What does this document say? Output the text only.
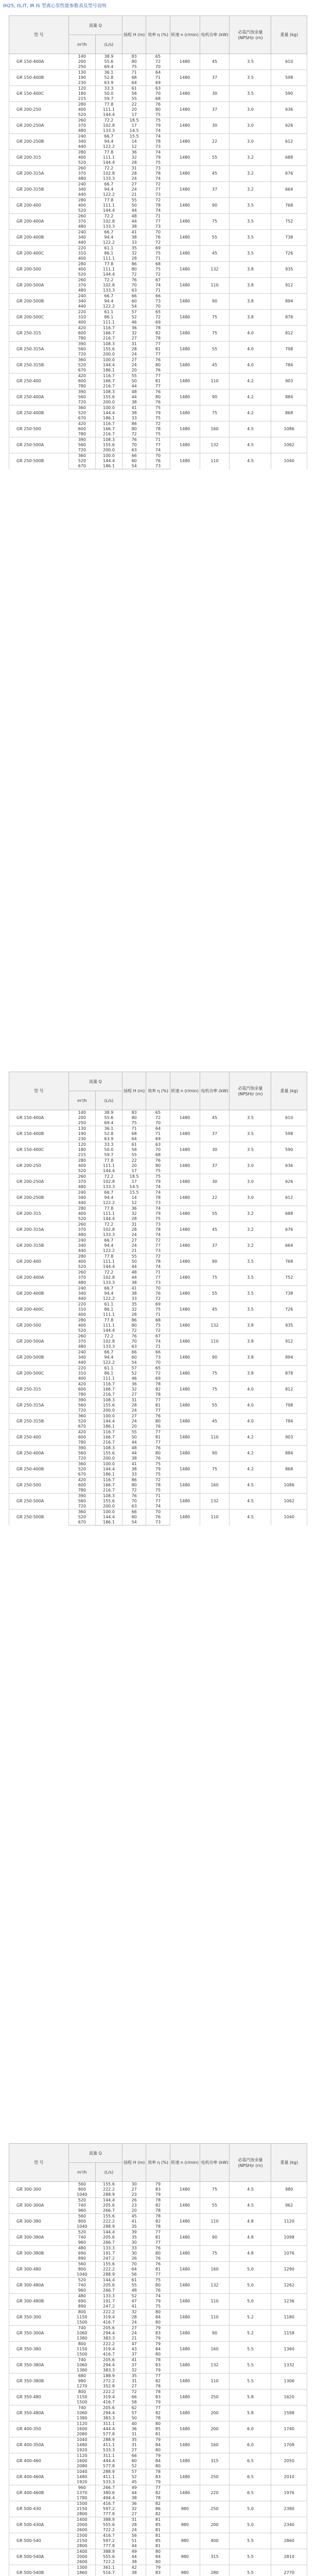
IH25, IS,IT, IR IS 型离心泵性能参数表及型号说明
型 号	流量 Q		扬程 H (m)	效率 η (%)	转速 n (r/min)	电机功率 (kW)	必需汽蚀余量 (NPSH)r (m)	重量 (kg)
	m³/h	(L/s)						
GR 150-400A	140	38.9	83	65	1480	45	3.5	610
	200	55.6	80	72				
	250	69.4	75	70				
GR 150-400B	130	36.1	71	64	1480	37	3.5	598
	190	52.8	68	71				
	230	63.9	64	69				
GR 150-400C	120	33.3	61	63	1480	30	3.5	590
	180	50.0	58	70				
	215	59.7	55	68				
GR 200-250	280	77.8	22	76	1480	37	3.0	636
	400	111.1	20	80				
	520	144.4	17	75				
GR 200-250A	260	72.2	18.5	75	1480	30	3.0	626
	370	102.8	17	79				
	480	133.3	14.5	74				
GR 200-250B	240	66.7	15.5	74	1480	22	3.0	612
	340	94.4	14	78				
	440	122.2	12	73				
GR 200-315	280	77.8	36	74	1480	55	3.2	688
	400	111.1	32	79				
	520	144.4	28	75				
GR 200-315A	260	72.2	31	73	1480	45	3.2	676
	370	102.8	28	78				
	480	133.3	24	74				
GR 200-315B	240	66.7	27	72	1480	37	3.2	664
	340	94.4	24	77				
	440	122.2	21	73				
GR 200-400	280	77.8	55	72	1480	90	3.5	768
	400	111.1	50	78				
	520	144.4	44	74				
GR 200-400A	260	72.2	48	71	1480	75	3.5	752
	370	102.8	44	77				
	480	133.3	38	73				
GR 200-400B	240	66.7	41	70	1480	55	3.5	738
	340	94.4	38	76				
	440	122.2	33	72				
GR 200-400C	220	61.1	35	69	1480	45	3.5	726
	310	86.1	32	75				
	400	111.1	28	71				
GR 200-500	280	77.8	86	68	1480	132	3.8	935
	400	111.1	80	75				
	520	144.4	72	72				
GR 200-500A	260	72.2	76	67	1480	110	3.8	912
	370	102.8	70	74				
	480	133.3	63	71				
GR 200-500B	240	66.7	66	66	1480	90	3.8	894
	340	94.4	60	73				
	440	122.2	54	70				
GR 200-500C	220	61.1	57	65	1480	75	3.8	878
	310	86.1	52	72				
	400	111.1	46	69				
GR 250-315	420	116.7	36	78	1480	75	4.0	812
	600	166.7	32	82				
	780	216.7	27	78				
GR 250-315A	390	108.3	31	77	1480	55	4.0	798
	560	155.6	28	81				
	720	200.0	24	77				
GR 250-315B	360	100.0	27	76	1480	45	4.0	784
	520	144.4	24	80				
	670	186.1	20	76				
GR 250-400	420	116.7	55	77	1480	110	4.2	903
	600	166.7	50	81				
	780	216.7	44	77				
GR 250-400A	390	108.3	48	76	1480	90	4.2	884
	560	155.6	44	80				
	720	200.0	38	76				
GR 250-400B	360	100.0	41	75	1480	75	4.2	868
	520	144.4	38	79				
	670	186.1	33	75				
GR 250-500	420	116.7	86	72	1480	160	4.5	1086
	600	166.7	80	78				
	780	216.7	72	75				
GR 250-500A	390	108.3	76	71	1480	132	4.5	1062
	560	155.6	70	77				
	720	200.0	63	74				
GR 250-500B	360	100.0	66	70	1480	110	4.5	1040
	520	144.4	60	76				
	670	186.1	54	73				
型 号	流量 Q		扬程 H (m)	效率 η (%)	转速 n (r/min)	电机功率 (kW)	必需汽蚀余量 (NPSH)r (m)	重量 (kg)
	m³/h	(L/s)						
GR 150-400A	140	38.9	83	65	1480	45	3.5	610
	200	55.6	80	72				
	250	69.4	75	70				
GR 150-400B	130	36.1	71	64	1480	37	3.5	598
	190	52.8	68	71				
	230	63.9	64	69				
GR 150-400C	120	33.3	61	63	1480	30	3.5	590
	180	50.0	58	70				
	215	59.7	55	68				
GR 200-250	280	77.8	22	76	1480	37	3.0	636
	400	111.1	20	80				
	520	144.4	17	75				
GR 200-250A	260	72.2	18.5	75	1480	30	3.0	626
	370	102.8	17	79				
	480	133.3	14.5	74				
GR 200-250B	240	66.7	15.5	74	1480	22	3.0	612
	340	94.4	14	78				
	440	122.2	12	73				
GR 200-315	280	77.8	36	74	1480	55	3.2	688
	400	111.1	32	79				
	520	144.4	28	75				
GR 200-315A	260	72.2	31	73	1480	45	3.2	676
	370	102.8	28	78				
	480	133.3	24	74				
GR 200-315B	240	66.7	27	72	1480	37	3.2	664
	340	94.4	24	77				
	440	122.2	21	73				
GR 200-400	280	77.8	55	72	1480	90	3.5	768
	400	111.1	50	78				
	520	144.4	44	74				
GR 200-400A	260	72.2	48	71	1480	75	3.5	752
	370	102.8	44	77				
	480	133.3	38	73				
GR 200-400B	240	66.7	41	70	1480	55	3.5	738
	340	94.4	38	76				
	440	122.2	33	72				
GR 200-400C	220	61.1	35	69	1480	45	3.5	726
	310	86.1	32	75				
	400	111.1	28	71				
GR 200-500	280	77.8	86	68	1480	132	3.8	935
	400	111.1	80	75				
	520	144.4	72	72				
GR 200-500A	260	72.2	76	67	1480	110	3.8	912
	370	102.8	70	74				
	480	133.3	63	71				
GR 200-500B	240	66.7	66	66	1480	90	3.8	894
	340	94.4	60	73				
	440	122.2	54	70				
GR 200-500C	220	61.1	57	65	1480	75	3.8	878
	310	86.1	52	72				
	400	111.1	46	69				
GR 250-315	420	116.7	36	78	1480	75	4.0	812
	600	166.7	32	82				
	780	216.7	27	78				
GR 250-315A	390	108.3	31	77	1480	55	4.0	798
	560	155.6	28	81				
	720	200.0	24	77				
GR 250-315B	360	100.0	27	76	1480	45	4.0	784
	520	144.4	24	80				
	670	186.1	20	76				
GR 250-400	420	116.7	55	77	1480	110	4.2	903
	600	166.7	50	81				
	780	216.7	44	77				
GR 250-400A	390	108.3	48	76	1480	90	4.2	884
	560	155.6	44	80				
	720	200.0	38	76				
GR 250-400B	360	100.0	41	75	1480	75	4.2	868
	520	144.4	38	79				
	670	186.1	33	75				
GR 250-500	420	116.7	86	72	1480	160	4.5	1086
	600	166.7	80	78				
	780	216.7	72	75				
GR 250-500A	390	108.3	76	71	1480	132	4.5	1062
	560	155.6	70	77				
	720	200.0	63	74				
GR 250-500B	360	100.0	66	70	1480	110	4.5	1040
	520	144.4	60	76				
	670	186.1	54	73				
型 号	流量 Q		扬程 H (m)	效率 η (%)	转速 n (r/min)	电机功率 (kW)	必需汽蚀余量 (NPSH)r (m)	重量 (kg)
	m³/h	(L/s)						
GR 300-300	560	155.6	30	79	1480	75	4.5	980
	800	222.2	27	83				
	1040	288.9	23	79				
GR 300-300A	520	144.4	26	78	1480	55	4.5	962
	740	205.6	23	82				
	960	266.7	20	78				
GR 300-380	560	155.6	45	78	1480	110	4.8	1120
	800	222.2	41	82				
	1040	288.9	35	78				
GR 300-380A	520	144.4	39	77	1480	90	4.8	1098
	740	205.6	35	81				
	960	266.7	30	77				
GR 300-380B	480	133.3	33	76	1480	75	4.8	1076
	690	191.7	30	80				
	890	247.2	26	76				
GR 300-480	560	155.6	70	76	1480	160	5.0	1290
	800	222.2	64	81				
	1040	288.9	56	77				
GR 300-480A	520	144.4	61	75	1480	132	5.0	1262
	740	205.6	55	80				
	960	266.7	48	76				
GR 300-480B	480	133.3	52	74	1480	110	5.0	1236
	690	191.7	47	79				
	890	247.2	41	75				
GR 350-300	800	222.2	32	80	1480	110	5.2	1180
	1150	319.4	28	84				
	1500	416.7	24	80				
GR 350-300A	740	205.6	27	79	1480	90	5.2	1158
	1060	294.4	24	83				
	1380	383.3	21	79				
GR 350-380	800	222.2	47	79	1480	160	5.5	1360
	1150	319.4	43	84				
	1500	416.7	37	80				
GR 350-380A	740	205.6	41	78	1480	132	5.5	1332
	1060	294.4	37	83				
	1380	383.3	32	79				
GR 350-380B	680	188.9	35	77	1480	110	5.5	1306
	980	272.2	31	82				
	1270	352.8	27	78				
GR 350-480	800	222.2	72	78	1480	250	5.8	1620
	1150	319.4	66	83				
	1500	416.7	58	79				
GR 350-480A	740	205.6	62	77	1480	200	5.8	1588
	1060	294.4	57	82				
	1380	383.3	50	78				
GR 400-350	1120	311.1	40	80	1480	200	6.0	1740
	1600	444.4	36	85				
	2080	577.8	31	81				
GR 400-350A	1040	288.9	35	79	1480	160	6.0	1708
	1480	411.1	31	84				
	1920	533.3	27	80				
GR 400-460	1120	311.1	66	79	1480	315	6.5	2050
	1600	444.4	60	84				
	2080	577.8	52	80				
GR 400-460A	1040	288.9	57	78	1480	250	6.5	2010
	1480	411.1	52	83				
	1920	533.3	45	79				
GR 400-460B	960	266.7	49	77	1480	220	6.5	1976
	1370	380.6	44	82				
	1780	494.4	38	78				
GR 500-430	1500	416.7	36	82	980	250	5.0	2380
	2150	597.2	32	86				
	2800	777.8	27	82				
GR 500-430A	1400	388.9	31	81	980	200	5.0	2340
	2000	555.6	28	85				
	2600	722.2	24	81				
GR 500-540	1500	416.7	56	81	980	400	5.5	2860
	2150	597.2	51	85				
	2800	777.8	44	81				
GR 500-540A	1400	388.9	49	80	980	315	5.5	2810
	2000	555.6	44	84				
	2600	722.2	38	80				
GR 500-540B	1300	361.1	42	79	980	280	5.5	2770
	1860	516.7	38	83				
